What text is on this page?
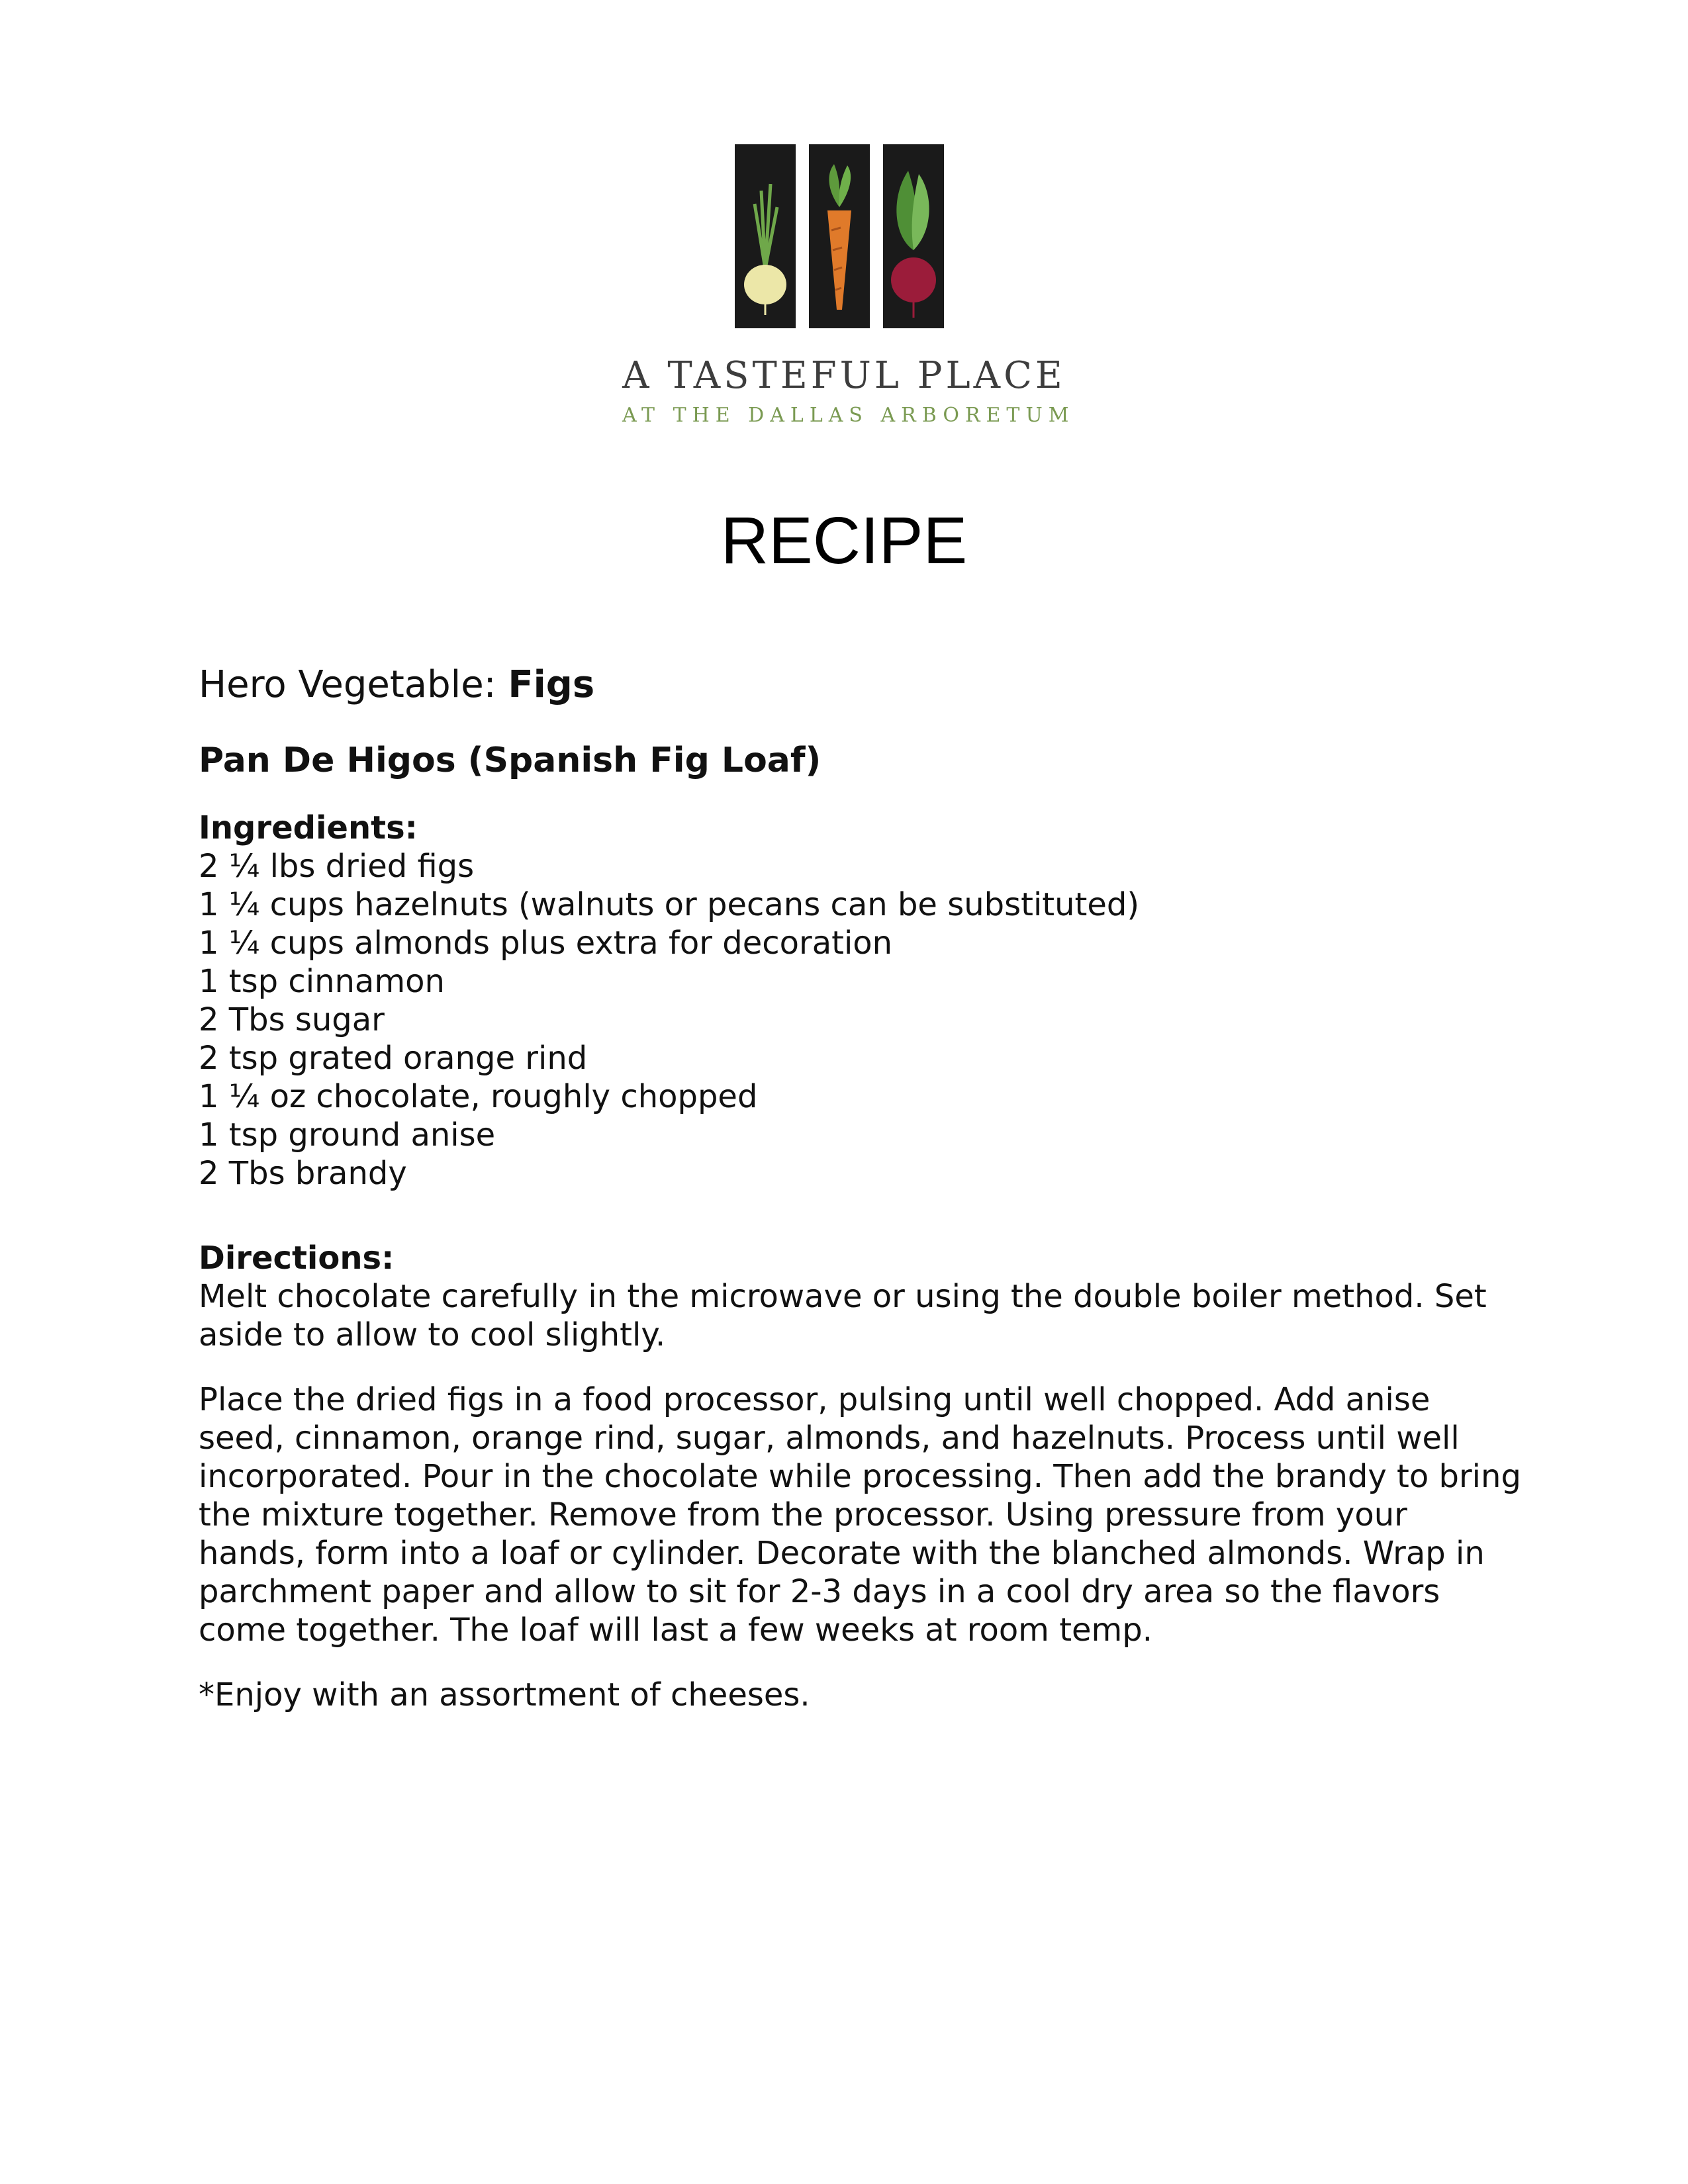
A TASTEFUL PLACE
AT THE DALLAS ARBORETUM
RECIPE
Hero Vegetable: Figs
Pan De Higos (Spanish Fig Loaf)
Ingredients:
2 ¼ lbs dried figs
1 ¼ cups hazelnuts (walnuts or pecans can be substituted)
1 ¼ cups almonds plus extra for decoration
1 tsp cinnamon
2 Tbs sugar
2 tsp grated orange rind
1 ¼ oz chocolate, roughly chopped
1 tsp ground anise
2 Tbs brandy
Directions:

Melt chocolate carefully in the microwave or using the double boiler method. Set aside to allow to cool slightly.

Place the dried figs in a food processor, pulsing until well chopped. Add anise seed, cinnamon, orange rind, sugar, almonds, and hazelnuts. Process until well incorporated. Pour in the chocolate while processing. Then add the brandy to bring the mixture together. Remove from the processor. Using pressure from your hands, form into a loaf or cylinder. Decorate with the blanched almonds. Wrap in parchment paper and allow to sit for 2-3 days in a cool dry area so the flavors come together. The loaf will last a few weeks at room temp.

*Enjoy with an assortment of cheeses.
